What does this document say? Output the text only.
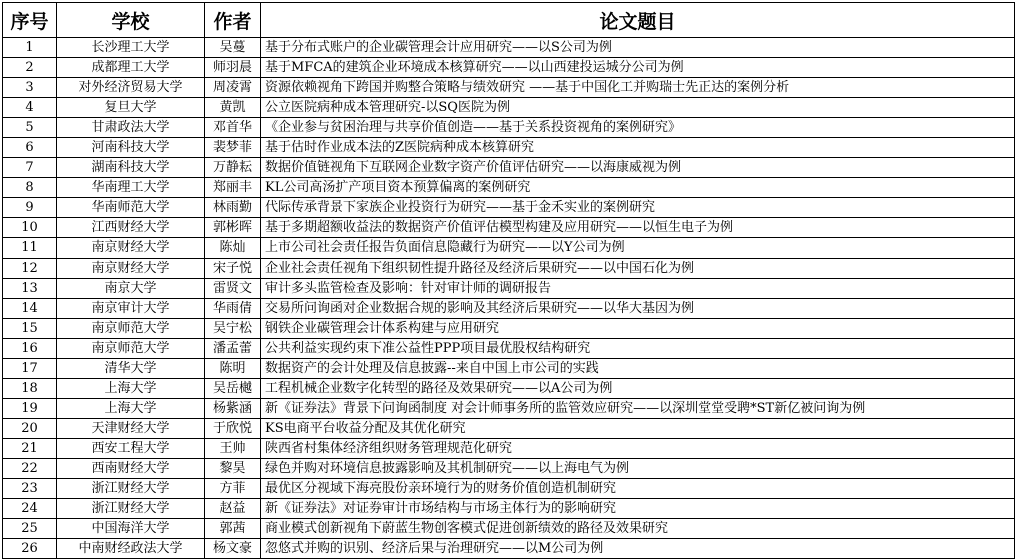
序号	学校	作者	论文题目
1	长沙理工大学	吴蔓	基于分布式账户的企业碳管理会计应用研究——以S公司为例
2	成都理工大学	师羽晨	基于MFCA的建筑企业环境成本核算研究——以山西建投运城分公司为例
3	对外经济贸易大学	周凌霄	资源依赖视角下跨国并购整合策略与绩效研究 ——基于中国化工并购瑞士先正达的案例分析
4	复旦大学	黄凯	公立医院病种成本管理研究-以SQ医院为例
5	甘肃政法大学	邓首华	《企业参与贫困治理与共享价值创造——基于关系投资视角的案例研究》
6	河南科技大学	裴梦菲	基于估时作业成本法的Z医院病种成本核算研究
7	湖南科技大学	万静耘	数据价值链视角下互联网企业数字资产价值评估研究——以海康威视为例
8	华南理工大学	郑丽丰	KL公司高汤扩产项目资本预算偏离的案例研究
9	华南师范大学	林雨勤	代际传承背景下家族企业投资行为研究——基于金禾实业的案例研究
10	江西财经大学	郭彬晖	基于多期超额收益法的数据资产价值评估模型构建及应用研究——以恒生电子为例
11	南京财经大学	陈灿	上市公司社会责任报告负面信息隐藏行为研究——以Y公司为例
12	南京财经大学	宋子悦	企业社会责任视角下组织韧性提升路径及经济后果研究——以中国石化为例
13	南京大学	雷贤文	审计多头监管检查及影响：针对审计师的调研报告
14	南京审计大学	华雨倩	交易所问询函对企业数据合规的影响及其经济后果研究——以华大基因为例
15	南京师范大学	吴宁松	钢铁企业碳管理会计体系构建与应用研究
16	南京师范大学	潘孟蕾	公共利益实现约束下准公益性PPP项目最优股权结构研究
17	清华大学	陈明	数据资产的会计处理及信息披露--来自中国上市公司的实践
18	上海大学	吴岳樾	工程机械企业数字化转型的路径及效果研究——以A公司为例
19	上海大学	杨紫涵	新《证券法》背景下问询函制度 对会计师事务所的监管效应研究——以深圳堂堂受聘*ST新亿被问询为例
20	天津财经大学	于欣悦	KS电商平台收益分配及其优化研究
21	西安工程大学	王帅	陕西省村集体经济组织财务管理规范化研究
22	西南财经大学	黎昊	绿色并购对环境信息披露影响及其机制研究——以上海电气为例
23	浙江财经大学	方菲	最优区分视域下海亮股份亲环境行为的财务价值创造机制研究
24	浙江财经大学	赵益	新《证券法》对证券审计市场结构与市场主体行为的影响研究
25	中国海洋大学	郭茜	商业模式创新视角下蔚蓝生物创客模式促进创新绩效的路径及效果研究
26	中南财经政法大学	杨文豪	忽悠式并购的识别、经济后果与治理研究——以M公司为例
